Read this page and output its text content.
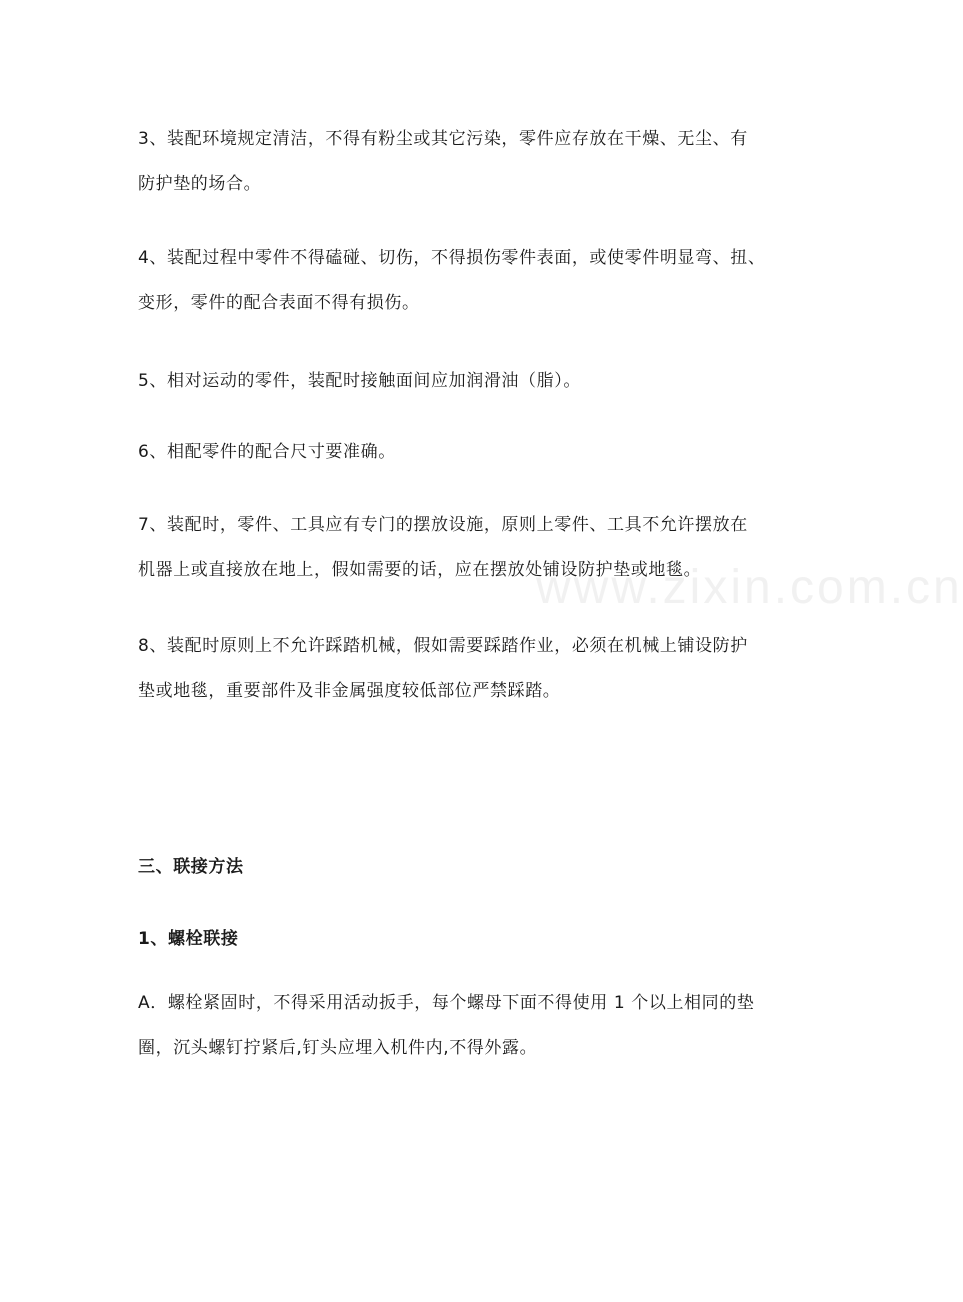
www.zixin.com.cn

3、装配环境规定清洁，不得有粉尘或其它污染，零件应存放在干燥、无尘、有
防护垫的场合。

4、装配过程中零件不得磕碰、切伤，不得损伤零件表面，或使零件明显弯、扭、
变形，零件的配合表面不得有损伤。

5、相对运动的零件，装配时接触面间应加润滑油（脂）。

6、相配零件的配合尺寸要准确。

7、装配时，零件、工具应有专门的摆放设施，原则上零件、工具不允许摆放在
机器上或直接放在地上，假如需要的话，应在摆放处铺设防护垫或地毯。

8、装配时原则上不允许踩踏机械，假如需要踩踏作业，必须在机械上铺设防护
垫或地毯，重要部件及非金属强度较低部位严禁踩踏。

三、联接方法

1、螺栓联接

A．螺栓紧固时，不得采用活动扳手，每个螺母下面不得使用 1 个以上相同的垫
圈，沉头螺钉拧紧后,钉头应埋入机件内,不得外露。
